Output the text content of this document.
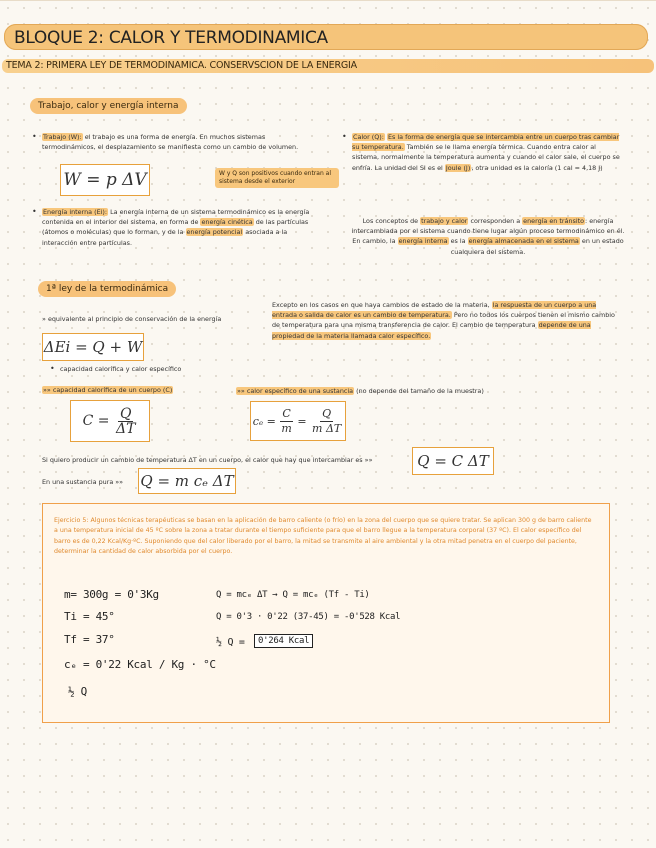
BLOQUE 2: CALOR Y TERMODINAMICA
TEMA 2: PRIMERA LEY DE TERMODINAMICA. CONSERVSCION DE LA ENERGIA
Trabajo, calor y energía interna
• Trabajo (W): el trabajo es una forma de energía. En muchos sistemas termodinámicos, el desplazamiento se manifiesta como un cambio de volumen.
W = p ΔV	W y Q son positivos cuando entran al sistema desde el exterior
• Energía interna (Ei): La energía interna de un sistema termodinámico es la energía contenida en el interior del sistema, en forma de energía cinética de las partículas (átomos o moléculas) que lo forman, y de la energía potencial asociada a la interacción entre partículas.
• Calor (Q): Es la forma de energía que se intercambia entre un cuerpo tras cambiar su temperatura. También se le llama energía térmica. Cuando entra calor al sistema, normalmente la temperatura aumenta y cuando el calor sale, el cuerpo se enfría. La unidad del SI es el Joule (J), otra unidad es la caloría (1 cal = 4,18 J)
Los conceptos de trabajo y calor corresponden a energía en tránsito: energía intercambiada por el sistema cuando tiene lugar algún proceso termodinámico en él. En cambio, la energía interna es la energía almacenada en el sistema en un estado cualquiera del sistema.
1ª ley de la termodinámica
» equivalente al principio de conservación de la energía
ΔEi = Q + W
Excepto en los casos en que haya cambios de estado de la materia, la respuesta de un cuerpo a una entrada o salida de calor es un cambio de temperatura. Pero no todos los cuerpos tienen el mismo cambio de temperatura para una misma transferencia de calor. El cambio de temperatura depende de una propiedad de la materia llamada calor específico.
• capacidad calorífica y calor específico
»» capacidad calorífica de un cuerpo (C)	»» calor específico de una sustancia (no depende del tamaño de la muestra)
C =
$\frac{Q}{\Delta T}$	cₑ =
$\frac{C}{m}$
=
$\frac{Q}{\text{m ΔT}}$
Si quiero producir un cambio de temperatura ΔT en un cuerpo, el calor que hay que intercambiar es »»	Q = C ΔT
En una sustancia pura »» Q = m cₑ ΔT
Ejercicio 5: Algunos técnicas terapéuticas se basan en la aplicación de barro caliente (o frío) en la zona del cuerpo que se quiere tratar. Se aplican 300 g de barro caliente a una temperatura inicial de 45 ºC sobre la zona a tratar durante el tiempo suficiente para que el barro llegue a la temperatura corporal (37 ºC). El calor específico del barro es de 0,22 Kcal/Kg·ºC. Suponiendo que del calor liberado por el barro, la mitad se transmite al aire ambiental y la otra mitad penetra en el cuerpo del paciente, determinar la cantidad de calor absorbida por el cuerpo.
m= 300g = 0'3Kg
Ti = 45°
Tf = 37°
cₑ = 0'22 Kcal / Kg · °C
½ Q
Q = mcₑ ΔT → Q = mcₑ (Tf - Ti)
Q = 0'3 · 0'22 (37-45) = -0'528 Kcal
½ Q =	0'264 Kcal
